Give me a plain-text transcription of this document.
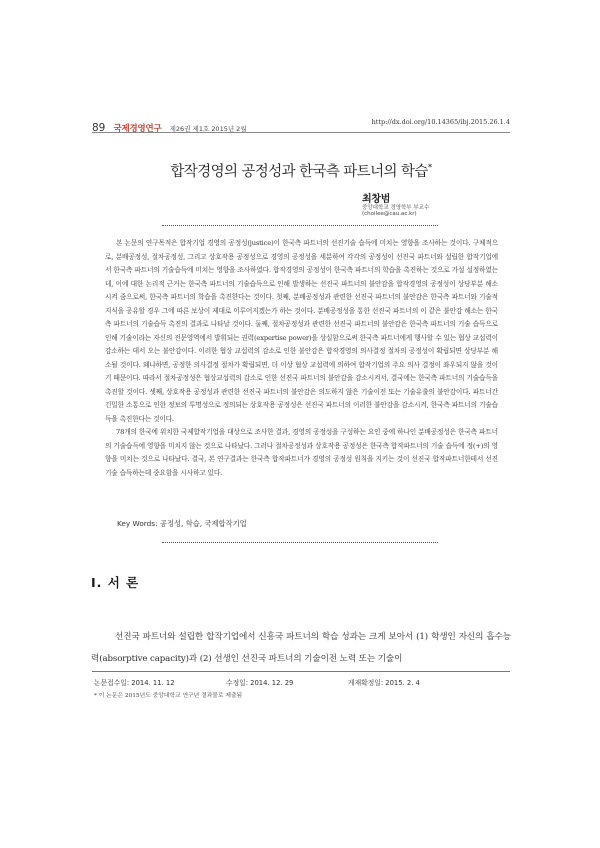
89 국제경영연구 제26권 제1호 2015년 2월
http://dx.doi.org/10.14365/ibj.2015.26.1.4
합작경영의 공정성과 한국측 파트너의 학습*
최창범
중앙대학교 경영학부 부교수
(choilee@cau.ac.kr)

본 논문의 연구목적은 합작기업 경영의 공정성(justice)이 한국측 파트너의 선진기술 습득에 미치는 영향을 조사하는 것이다. 구체적으로, 분배공정성, 절차공정성, 그리고 상호작용 공정성으로 경영의 공정성을 세분하여 각각의 공정성이 선진국 파트너와 설립한 합작기업에서 한국측 파트너의 기술습득에 미치는 영향을 조사하였다. 합작경영의 공정성이 한국측 파트너의 학습을 촉진하는 것으로 가설 설정하였는데, 이에 대한 논리적 근거는 한국측 파트너의 기술습득으로 인해 발생하는 선진국 파트너의 불안감을 합작경영의 공정성이 상당부분 해소시켜 줌으로써, 한국측 파트너의 학습을 촉진한다는 것이다. 첫째, 분배공정성과 관련한 선진국 파트너의 불안감은 한국측 파트너와 기술적 지식을 공유할 경우 그에 따른 보상이 제대로 이루어지겠는가 하는 것이다. 분배공정성을 통한 선진국 파트너의 이 같은 불안감 해소는 한국측 파트너의 기술습득 촉진의 결과로 나타날 것이다. 둘째, 절차공정성과 관련한 선진국 파트너의 불안감은 한국측 파트너의 기술 습득으로 인해 기술이라는 자신의 전문영역에서 발휘되는 권력(expertise power)을 상실함으로써 한국측 파트너에게 행사할 수 있는 협상 교섭력이 감소하는 데서 오는 불안감이다. 이러한 협상 교섭력의 감소로 인한 불안감은 합작경영의 의사결정 절차의 공정성이 확립되면 상당부분 해소될 것이다. 왜냐하면, 공정한 의사결정 절차가 확립되면, 더 이상 협상 교섭력에 의하여 합작기업의 주요 의사 결정이 좌우되지 않을 것이기 때문이다. 따라서 절차공정성은 협상교섭력의 감소로 인한 선진국 파트너의 불안감을 감소시켜서, 결국에는 한국측 파트너의 기술습득을 촉진할 것이다. 셋째, 상호작용 공정성과 관련한 선진국 파트너의 불안감은 의도하지 않은 기술이전 또는 기술유출의 불안감이다. 파트너간 긴밀한 소통으로 인한 정보의 투명성으로 정의되는 상호작용 공정성은 선진국 파트너의 이러한 불안감을 감소시켜, 한국측 파트너의 기술습득을 촉진한다는 것이다.

78개의 한국에 위치한 국제합작기업을 대상으로 조사한 결과, 경영의 공정성을 구성하는 요인 중에 하나인 분배공정성은 한국측 파트너의 기술습득에 영향을 미치지 않는 것으로 나타났다. 그러나 절차공정성과 상호작용 공정성은 한국측 합작파트너의 기술 습득에 정(+)의 영향을 미치는 것으로 나타났다. 결국, 본 연구결과는 한국측 합작파트너가 경영의 공정성 원칙을 지키는 것이 선진국 합작파트너한테서 선진기술 습득하는데 중요함을 시사하고 있다.

Key Words: 공정성, 학습, 국제합작기업
Ⅰ. 서 론

선진국 파트너와 설립한 합작기업에서 신흥국 파트너의 학습 성과는 크게 보아서 (1) 학생인 자신의 흡수능력(absorptive capacity)과 (2) 선생인 선진국 파트너의 기술이전 노력 또는 기술이

논문접수일: 2014. 11. 12	수정일: 2014. 12. 29	게재확정일: 2015. 2. 4
* 이 논문은 2015년도 중앙대학교 연구년 결과물로 제출됨
